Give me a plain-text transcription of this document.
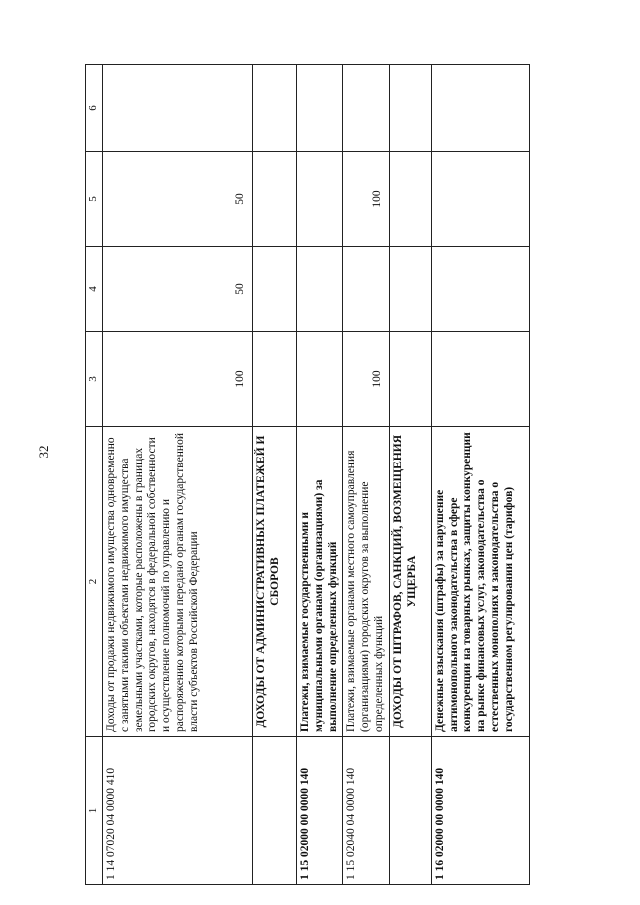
32
1	2	3	4	5	6
1 14 07020 04 0000 410	Доходы от продажи недвижимого имущества одновременно с занятыми такими объектами недвижимого имущества земельными участками, которые расположены в границах городских округов, находятся в федеральной собственности и осуществление полномочий по управлению и распоряжению которыми передано органам государственной власти субъектов Российской Федерации	100	50	50	
	ДОХОДЫ ОТ АДМИНИСТРАТИВНЫХ ПЛАТЕЖЕЙ И СБОРОВ				
1 15 02000 00 0000 140	Платежи, взимаемые государственными и муниципальными органами (организациями) за выполнение определенных функций				
1 15 02040 04 0000 140	Платежи, взимаемые органами местного самоуправления (организациями) городских округов за выполнение определенных функций	100		100	
	ДОХОДЫ ОТ ШТРАФОВ, САНКЦИЙ, ВОЗМЕЩЕНИЯ УЩЕРБА				
1 16 02000 00 0000 140	Денежные взыскания (штрафы) за нарушение антимонопольного законодательства в сфере конкуренции на товарных рынках, защиты конкуренции на рынке финансовых услуг, законодательства о естественных монополиях и законодательства о государственном регулировании цен (тарифов)				
